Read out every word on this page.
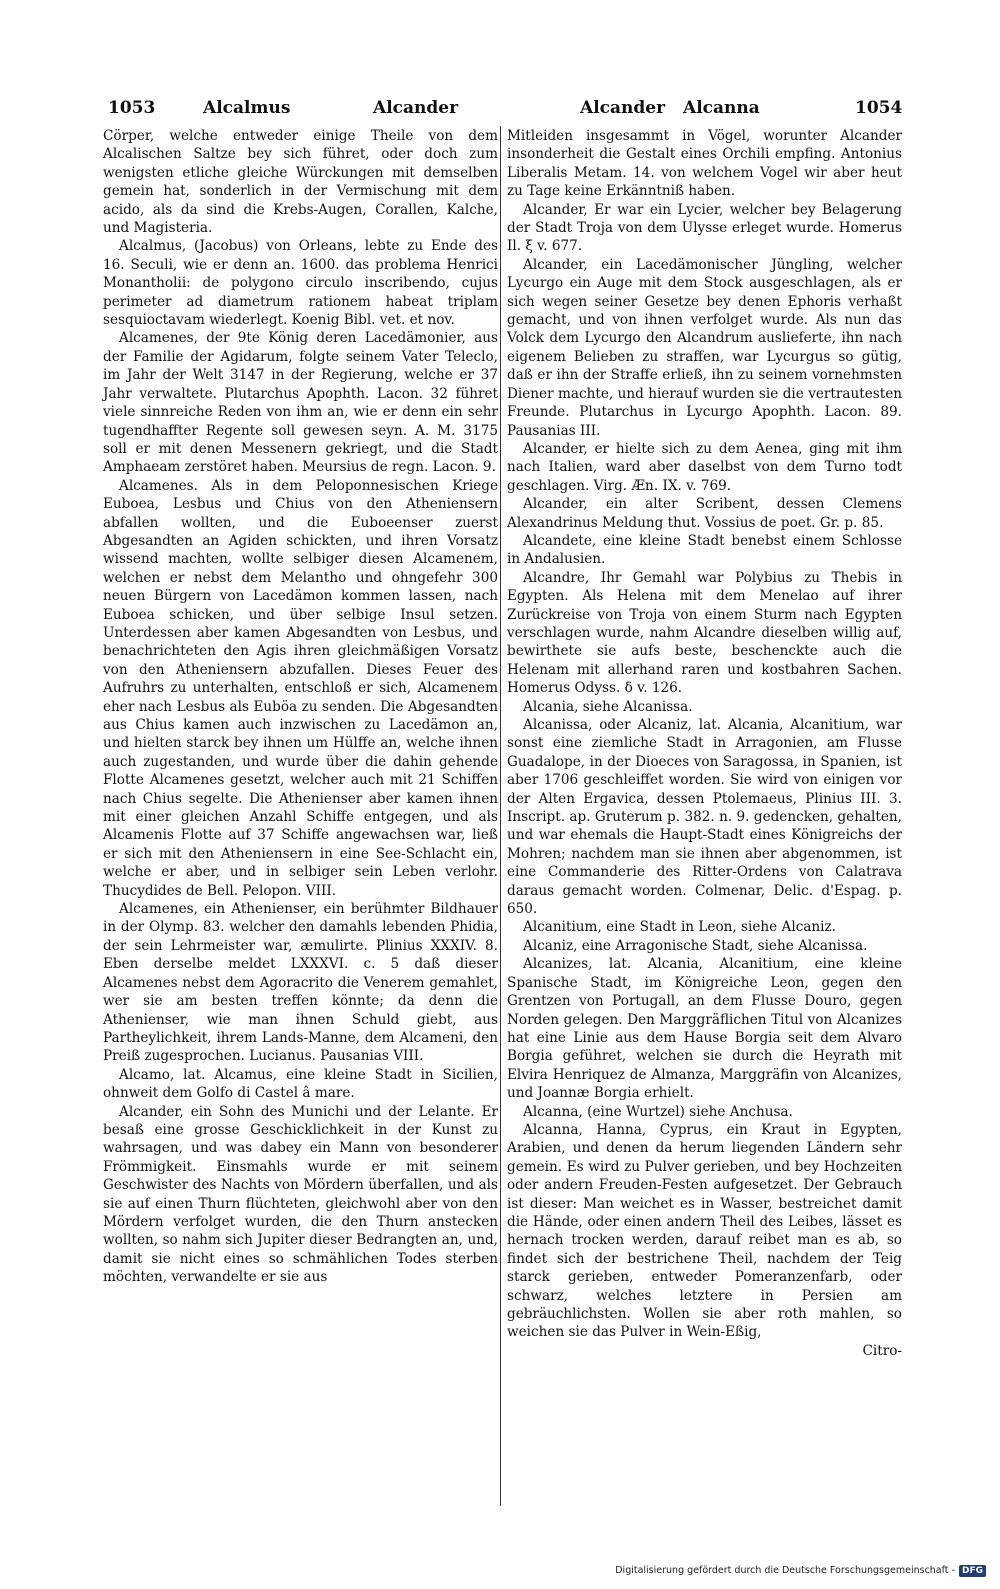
1053	Alcalmus	Alcander	Alcander Alcanna	1054

Cörper, welche entweder einige Theile von dem Alcalischen Saltze bey sich führet, oder doch zum wenigsten etliche gleiche Würckungen mit demselben gemein hat, sonderlich in der Vermischung mit dem acido, als da sind die Krebs-Augen, Corallen, Kalche, und Magisteria.

Alcalmus, (Jacobus) von Orleans, lebte zu Ende des 16. Seculi, wie er denn an. 1600. das problema Henrici Monantholii: de polygono circulo inscribendo, cujus perimeter ad diametrum rationem habeat triplam sesquioctavam wiederlegt. Koenig Bibl. vet. et nov.

Alcamenes, der 9te König deren Lacedämonier, aus der Familie der Agidarum, folgte seinem Vater Teleclo, im Jahr der Welt 3147 in der Regierung, welche er 37 Jahr verwaltete. Plutarchus Apophth. Lacon. 32 führet viele sinnreiche Reden von ihm an, wie er denn ein sehr tugendhaffter Regente soll gewesen seyn. A. M. 3175 soll er mit denen Messenern gekriegt, und die Stadt Amphaeam zerstöret haben. Meursius de regn. Lacon. 9.

Alcamenes. Als in dem Peloponnesischen Kriege Euboea, Lesbus und Chius von den Atheniensern abfallen wollten, und die Euboeenser zuerst Abgesandten an Agiden schickten, und ihren Vorsatz wissend machten, wollte selbiger diesen Alcamenem, welchen er nebst dem Melantho und ohngefehr 300 neuen Bürgern von Lacedämon kommen lassen, nach Euboea schicken, und über selbige Insul setzen. Unterdessen aber kamen Abgesandten von Lesbus, und benachrichteten den Agis ihren gleichmäßigen Vorsatz von den Atheniensern abzufallen. Dieses Feuer des Aufruhrs zu unterhalten, entschloß er sich, Alcamenem eher nach Lesbus als Euböa zu senden. Die Abgesandten aus Chius kamen auch inzwischen zu Lacedämon an, und hielten starck bey ihnen um Hülffe an, welche ihnen auch zugestanden, und wurde über die dahin gehende Flotte Alcamenes gesetzt, welcher auch mit 21 Schiffen nach Chius segelte. Die Athenienser aber kamen ihnen mit einer gleichen Anzahl Schiffe entgegen, und als Alcamenis Flotte auf 37 Schiffe angewachsen war, ließ er sich mit den Atheniensern in eine See-Schlacht ein, welche er aber, und in selbiger sein Leben verlohr. Thucydides de Bell. Pelopon. VIII.

Alcamenes, ein Athenienser, ein berühmter Bildhauer in der Olymp. 83. welcher den damahls lebenden Phidia, der sein Lehrmeister war, æmulirte. Plinius XXXIV. 8. Eben derselbe meldet LXXXVI. c. 5 daß dieser Alcamenes nebst dem Agoracrito die Venerem gemahlet, wer sie am besten treffen könnte; da denn die Athenienser, wie man ihnen Schuld giebt, aus Partheylichkeit, ihrem Lands-Manne, dem Alcameni, den Preiß zugesprochen. Lucianus. Pausanias VIII.

Alcamo, lat. Alcamus, eine kleine Stadt in Sicilien, ohnweit dem Golfo di Castel â mare.

Alcander, ein Sohn des Munichi und der Lelante. Er besaß eine grosse Geschicklichkeit in der Kunst zu wahrsagen, und was dabey ein Mann von besonderer Frömmigkeit. Einsmahls wurde er mit seinem Geschwister des Nachts von Mördern überfallen, und als sie auf einen Thurn flüchteten, gleichwohl aber von den Mördern verfolget wurden, die den Thurn anstecken wollten, so nahm sich Jupiter dieser Bedrangten an, und, damit sie nicht eines so schmählichen Todes sterben möchten, verwandelte er sie aus

Mitleiden insgesammt in Vögel, worunter Alcander insonderheit die Gestalt eines Orchili empfing. Antonius Liberalis Metam. 14. von welchem Vogel wir aber heut zu Tage keine Erkänntniß haben.

Alcander, Er war ein Lycier, welcher bey Belagerung der Stadt Troja von dem Ulysse erleget wurde. Homerus Il. ξ v. 677.

Alcander, ein Lacedämonischer Jüngling, welcher Lycurgo ein Auge mit dem Stock ausgeschlagen, als er sich wegen seiner Gesetze bey denen Ephoris verhaßt gemacht, und von ihnen verfolget wurde. Als nun das Volck dem Lycurgo den Alcandrum auslieferte, ihn nach eigenem Belieben zu straffen, war Lycurgus so gütig, daß er ihn der Straffe erließ, ihn zu seinem vornehmsten Diener machte, und hierauf wurden sie die vertrautesten Freunde. Plutarchus in Lycurgo Apophth. Lacon. 89. Pausanias III.

Alcander, er hielte sich zu dem Aenea, ging mit ihm nach Italien, ward aber daselbst von dem Turno todt geschlagen. Virg. Æn. IX. v. 769.

Alcander, ein alter Scribent, dessen Clemens Alexandrinus Meldung thut. Vossius de poet. Gr. p. 85.

Alcandete, eine kleine Stadt benebst einem Schlosse in Andalusien.

Alcandre, Ihr Gemahl war Polybius zu Thebis in Egypten. Als Helena mit dem Menelao auf ihrer Zurückreise von Troja von einem Sturm nach Egypten verschlagen wurde, nahm Alcandre dieselben willig auf, bewirthete sie aufs beste, beschenckte auch die Helenam mit allerhand raren und kostbahren Sachen. Homerus Odyss. δ v. 126.

Alcania, siehe Alcanissa.

Alcanissa, oder Alcaniz, lat. Alcania, Alcanitium, war sonst eine ziemliche Stadt in Arragonien, am Flusse Guadalope, in der Dioeces von Saragossa, in Spanien, ist aber 1706 geschleiffet worden. Sie wird von einigen vor der Alten Ergavica, dessen Ptolemaeus, Plinius III. 3. Inscript. ap. Gruterum p. 382. n. 9. gedencken, gehalten, und war ehemals die Haupt-Stadt eines Königreichs der Mohren; nachdem man sie ihnen aber abgenommen, ist eine Commanderie des Ritter-Ordens von Calatrava daraus gemacht worden. Colmenar, Delic. d'Espag. p. 650.

Alcanitium, eine Stadt in Leon, siehe Alcaniz.

Alcaniz, eine Arragonische Stadt, siehe Alcanissa.

Alcanizes, lat. Alcania, Alcanitium, eine kleine Spanische Stadt, im Königreiche Leon, gegen den Grentzen von Portugall, an dem Flusse Douro, gegen Norden gelegen. Den Marggräflichen Titul von Alcanizes hat eine Linie aus dem Hause Borgia seit dem Alvaro Borgia geführet, welchen sie durch die Heyrath mit Elvira Henriquez de Almanza, Marggräfin von Alcanizes, und Joannæ Borgia erhielt.

Alcanna, (eine Wurtzel) siehe Anchusa.

Alcanna, Hanna, Cyprus, ein Kraut in Egypten, Arabien, und denen da herum liegenden Ländern sehr gemein. Es wird zu Pulver gerieben, und bey Hochzeiten oder andern Freuden-Festen aufgesetzet. Der Gebrauch ist dieser: Man weichet es in Wasser, bestreichet damit die Hände, oder einen andern Theil des Leibes, lässet es hernach trocken werden, darauf reibet man es ab, so findet sich der bestrichene Theil, nachdem der Teig starck gerieben, entweder Pomeranzenfarb, oder schwarz, welches letztere in Persien am gebräuchlichsten. Wollen sie aber roth mahlen, so weichen sie das Pulver in Wein-Eßig,

Citro-

Digitalisierung gefördert durch die Deutsche Forschungsgemeinschaft - DFG
